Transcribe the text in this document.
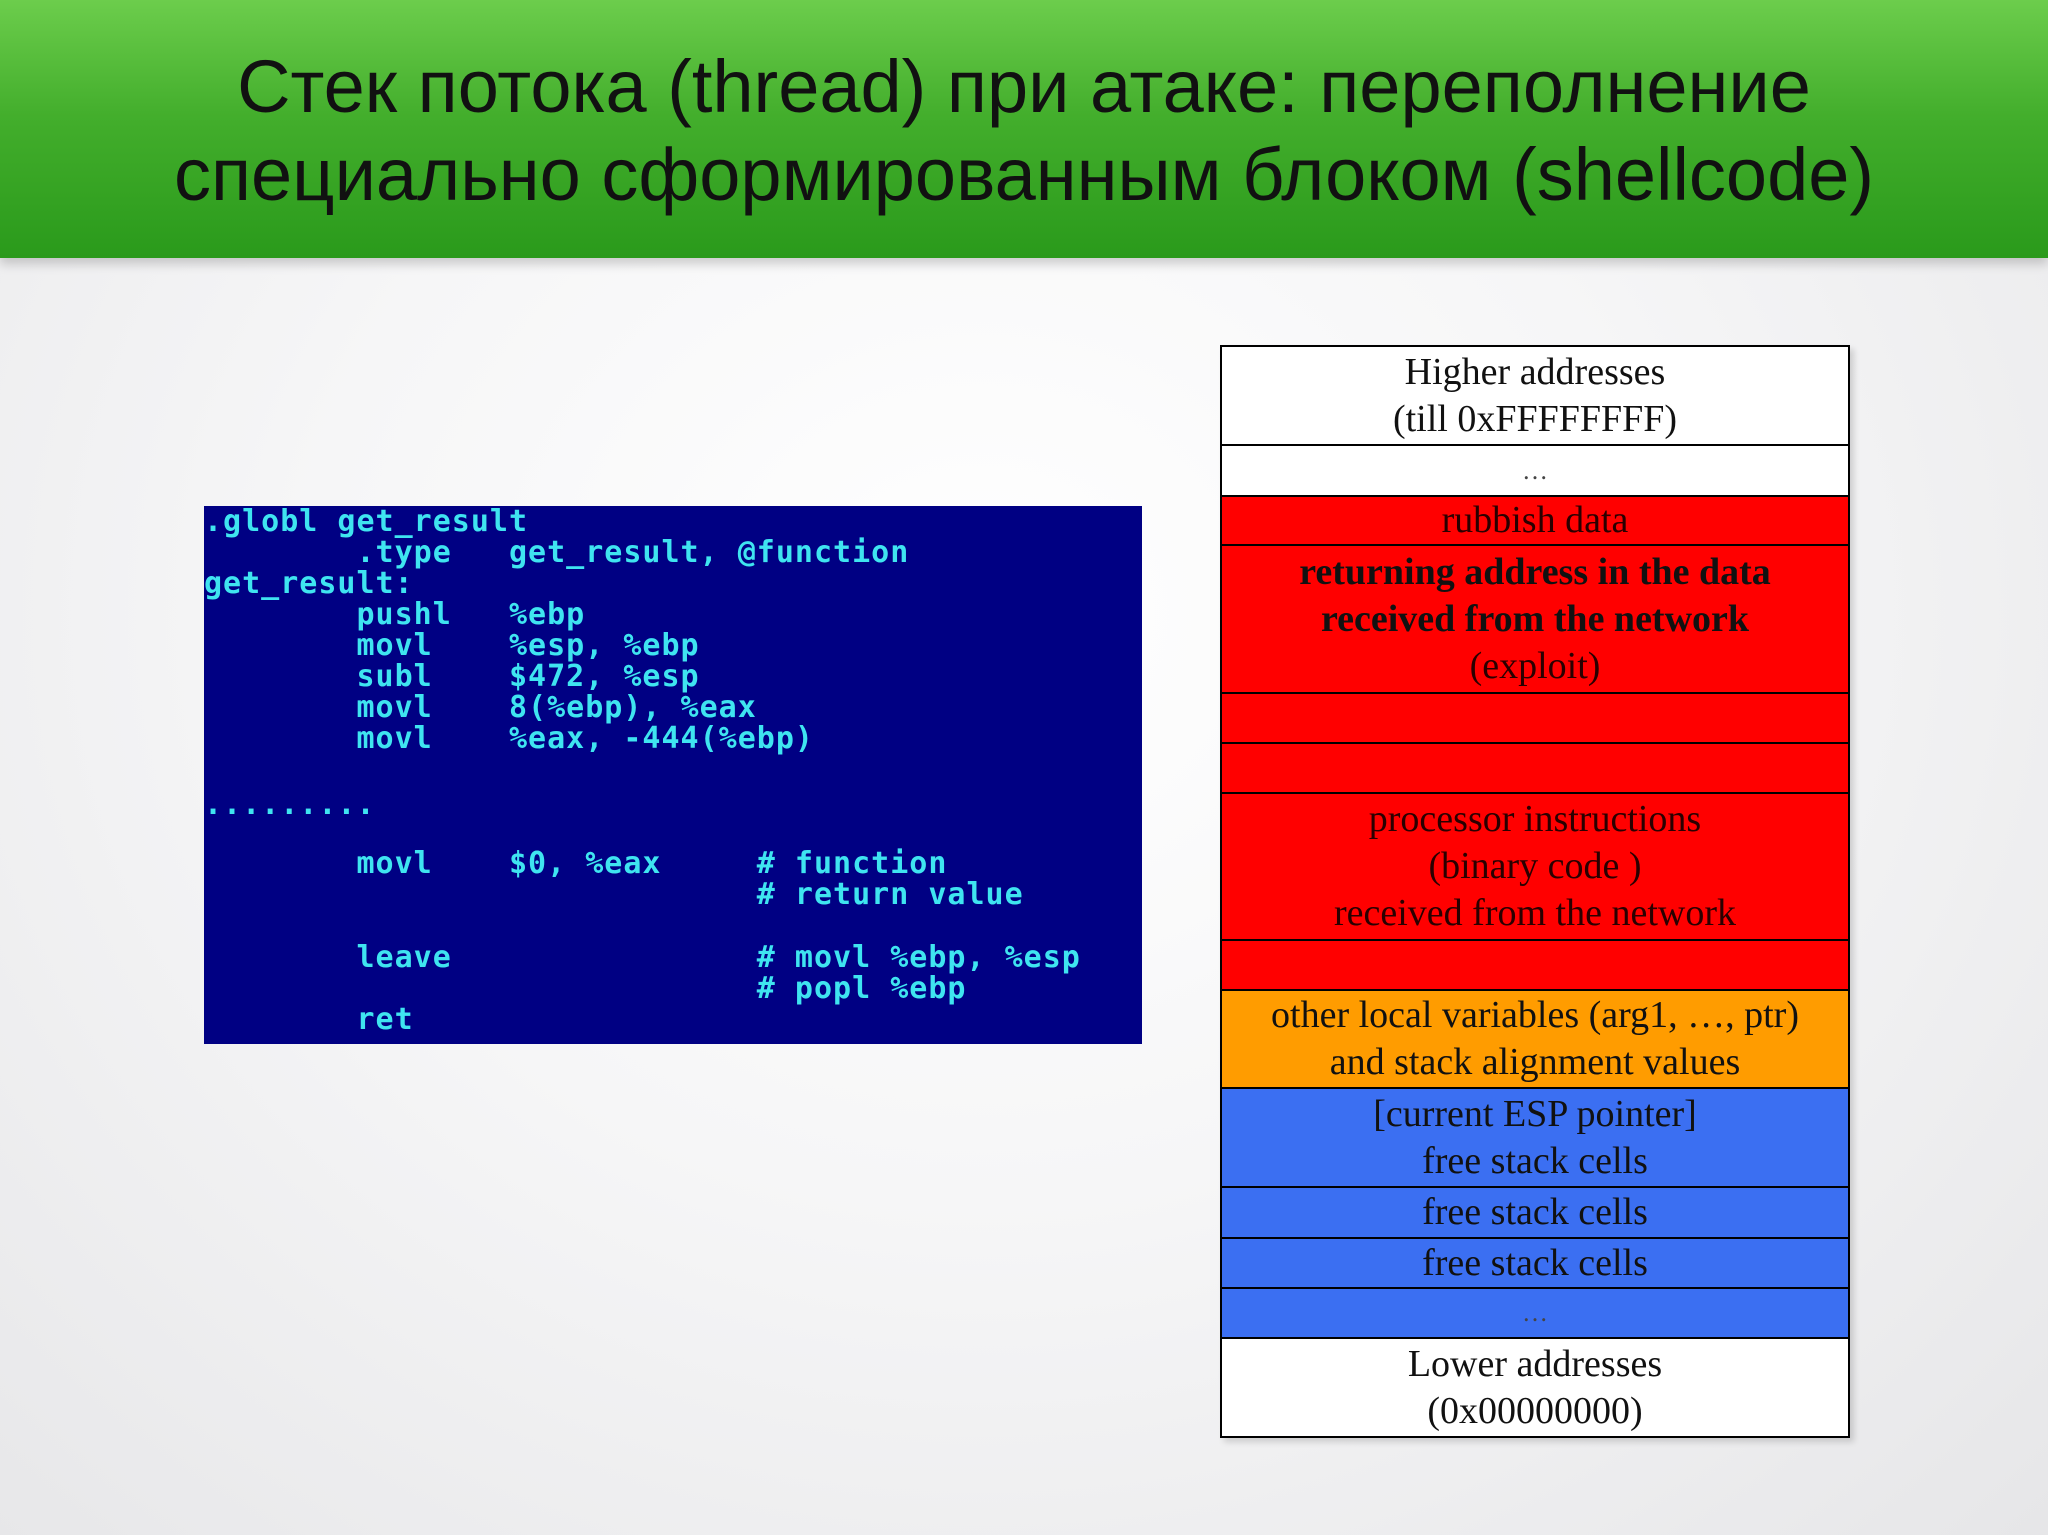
Стек потока (thread) при атаке: переполнение
специально сформированным блоком (shellcode)
.globl get_result
.type   get_result, @function
get_result:
pushl   %ebp
movl    %esp, %ebp
subl    $472, %esp
movl    8(%ebp), %eax
movl    %eax, -444(%ebp)
.........
movl    $0, %eax     # function
# return value
leave                # movl %ebp, %esp
# popl %ebp
ret
Higher addresses
(till 0xFFFFFFFF)
…
rubbish data
returning address in the data
received from the network
(exploit)
processor instructions
(binary code )
received from the network
other local variables (arg1, …, ptr)
and stack alignment values
[current ESP pointer]
free stack cells
free stack cells
free stack cells
…
Lower addresses
(0x00000000)
